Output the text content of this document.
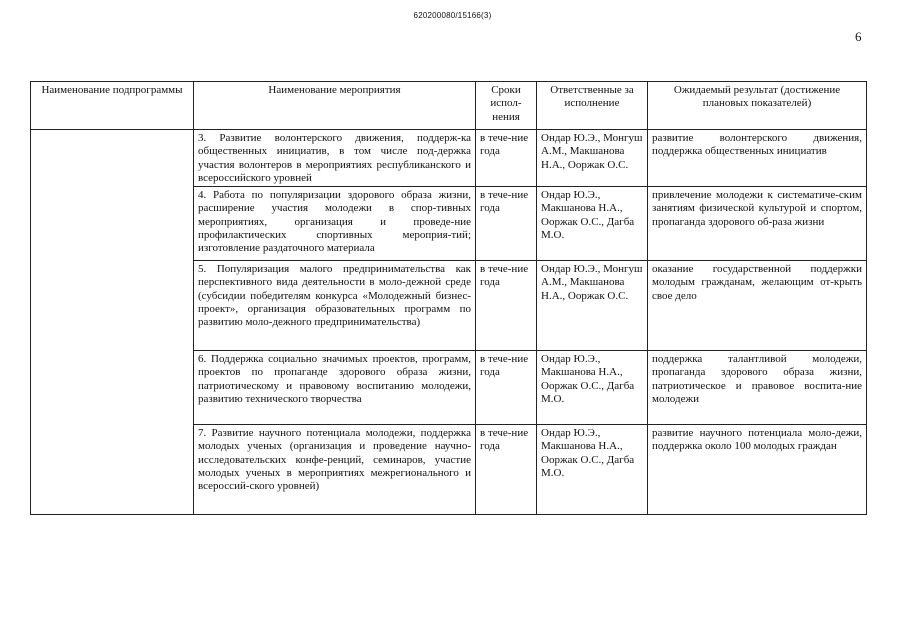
620200080/15166(3)
6
Наименование подпрограммы	Наименование мероприятия	Сроки испол-нения	Ответственные за исполнение	Ожидаемый результат (достижение плановых показателей)
	3. Развитие волонтерского движения, поддерж-ка общественных инициатив, в том числе под-держка участия волонтеров в мероприятиях республиканского и всероссийского уровней	в тече-ние года	Ондар Ю.Э., Монгуш А.М., Макшанова Н.А., Ооржак О.С.	развитие волонтерского движения, поддержка общественных инициатив
	4. Работа по популяризации здорового образа жизни, расширение участия молодежи в спор-тивных мероприятиях, организация и проведе-ние профилактических спортивных мероприя-тий; изготовление раздаточного материала	в тече-ние года	Ондар Ю.Э., Макшанова Н.А., Ооржак О.С., Дагба М.О.	привлечение молодежи к систематиче-ским занятиям физической культурой и спортом, пропаганда здорового об-раза жизни
	5. Популяризация малого предпринимательства как перспективного вида деятельности в моло-дежной среде (субсидии победителям конкурса «Молодежный бизнес-проект», организация образовательных программ по развитию моло-дежного предпринимательства)	в тече-ние года	Ондар Ю.Э., Монгуш А.М., Макшанова Н.А., Ооржак О.С.	оказание государственной поддержки молодым гражданам, желающим от-крыть свое дело
	6. Поддержка социально значимых проектов, программ, проектов по пропаганде здорового образа жизни, патриотическому и правовому воспитанию молодежи, развитию технического творчества	в тече-ние года	Ондар Ю.Э., Макшанова Н.А., Ооржак О.С., Дагба М.О.	поддержка талантливой молодежи, пропаганда здорового образа жизни, патриотическое и правовое воспита-ние молодежи
	7. Развитие научного потенциала молодежи, поддержка молодых ученых (организация и проведение научно-исследовательских конфе-ренций, семинаров, участие молодых ученых в мероприятиях межрегионального и всероссий-ского уровней)	в тече-ние года	Ондар Ю.Э., Макшанова Н.А., Ооржак О.С., Дагба М.О.	развитие научного потенциала моло-дежи, поддержка около 100 молодых граждан
